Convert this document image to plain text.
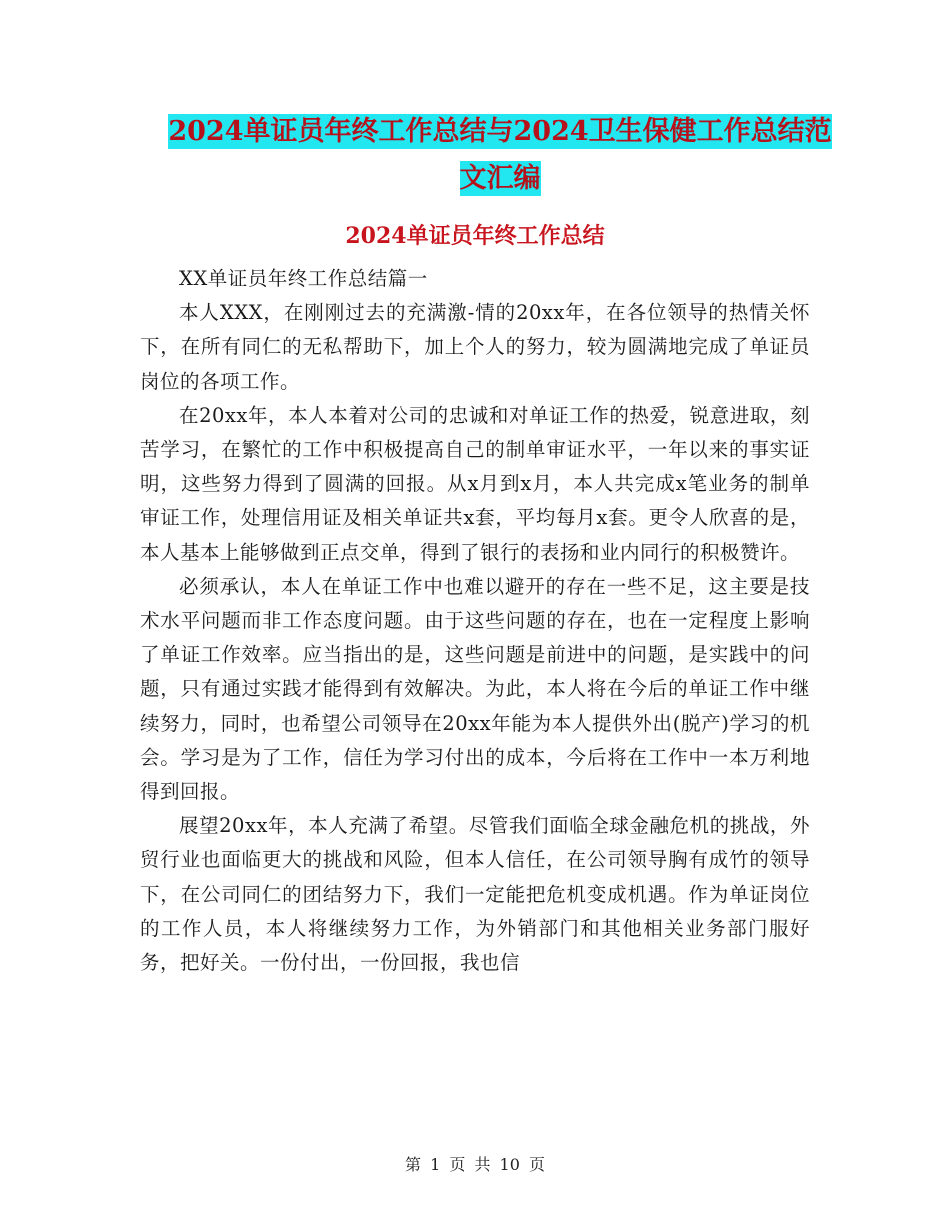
2024单证员年终工作总结与2024卫生保健工作总结范
文汇编
2024单证员年终工作总结

XX单证员年终工作总结篇一

本人XXX，在刚刚过去的充满激-情的20xx年，在各位领导的热情关怀下，在所有同仁的无私帮助下，加上个人的努力，较为圆满地完成了单证员岗位的各项工作。

在20xx年，本人本着对公司的忠诚和对单证工作的热爱，锐意进取，刻苦学习，在繁忙的工作中积极提高自己的制单审证水平，一年以来的事实证明，这些努力得到了圆满的回报。从x月到x月，本人共完成x笔业务的制单审证工作，处理信用证及相关单证共x套，平均每月x套。更令人欣喜的是，本人基本上能够做到正点交单，得到了银行的表扬和业内同行的积极赞许。

必须承认，本人在单证工作中也难以避开的存在一些不足，这主要是技术水平问题而非工作态度问题。由于这些问题的存在，也在一定程度上影响了单证工作效率。应当指出的是，这些问题是前进中的问题，是实践中的问题，只有通过实践才能得到有效解决。为此，本人将在今后的单证工作中继续努力，同时，也希望公司领导在20xx年能为本人提供外出(脱产)学习的机会。学习是为了工作，信任为学习付出的成本，今后将在工作中一本万利地得到回报。

展望20xx年，本人充满了希望。尽管我们面临全球金融危机的挑战，外贸行业也面临更大的挑战和风险，但本人信任，在公司领导胸有成竹的领导下，在公司同仁的团结努力下，我们一定能把危机变成机遇。作为单证岗位的工作人员，本人将继续努力工作，为外销部门和其他相关业务部门服好务，把好关。一份付出，一份回报，我也信

第 1 页 共 10 页
